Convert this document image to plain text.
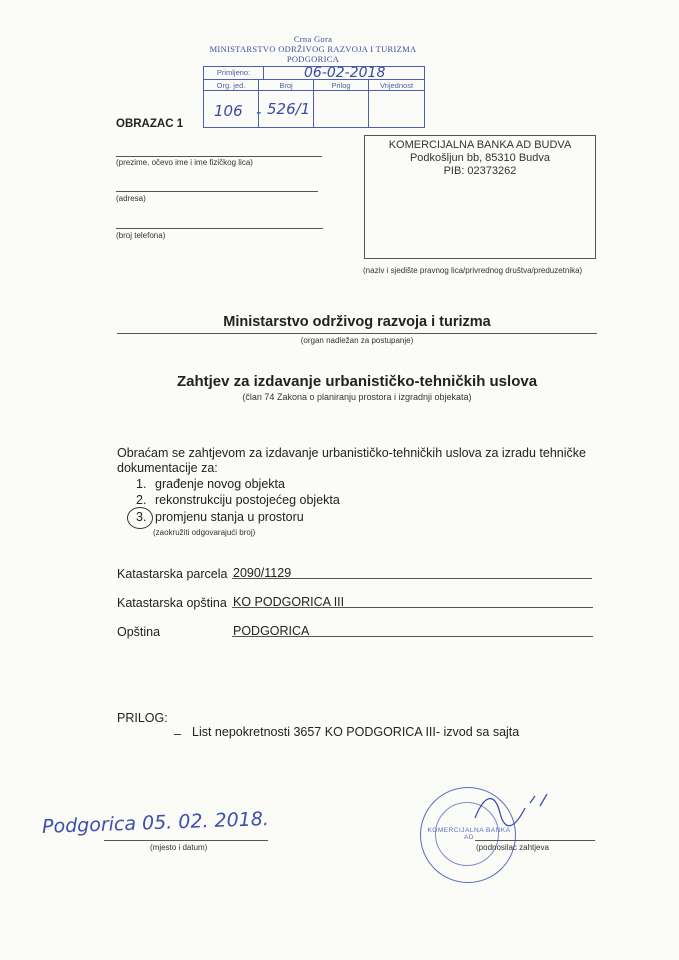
Crna Gora
MINISTARSTVO ODRŽIVOG RAZVOJA I TURIZMA
PODGORICA
Primljeno:	06-02-2018
Org. jed.	Broj	Prilog	Vrijednost
106 - 526/1
OBRAZAC 1
(prezime, očevo ime i ime fizičkog lica)
(adresa)
(broj telefona)
KOMERCIJALNA BANKA AD BUDVA
Podkošljun bb, 85310 Budva
PIB: 02373262
(naziv i sjedište pravnog lica/privrednog društva/preduzetnika)
Ministarstvo održivog razvoja i turizma
(organ nadležan za postupanje)
Zahtjev za izdavanje urbanističko-tehničkih uslova
(član 74 Zakona o planiranju prostora i izgradnji objekata)
Obraćam se zahtjevom za izdavanje urbanističko-tehničkih uslova za izradu tehničke
dokumentacije za:
1. građenje novog objekta
2. rekonstrukciju postojećeg objekta
3. promjenu stanja u prostoru
(zaokružiti odgovarajući broj)
Katastarska parcela 2090/1129
Katastarska opština KO PODGORICA III
Opština	PODGORICA
PRILOG:
– List nepokretnosti 3657 KO PODGORICA III- izvod sa sajta
Podgorica 05. 02. 2018.
(mjesto i datum)
KOMERCIJALNA BANKA AD
(podnosilac zahtjeva
